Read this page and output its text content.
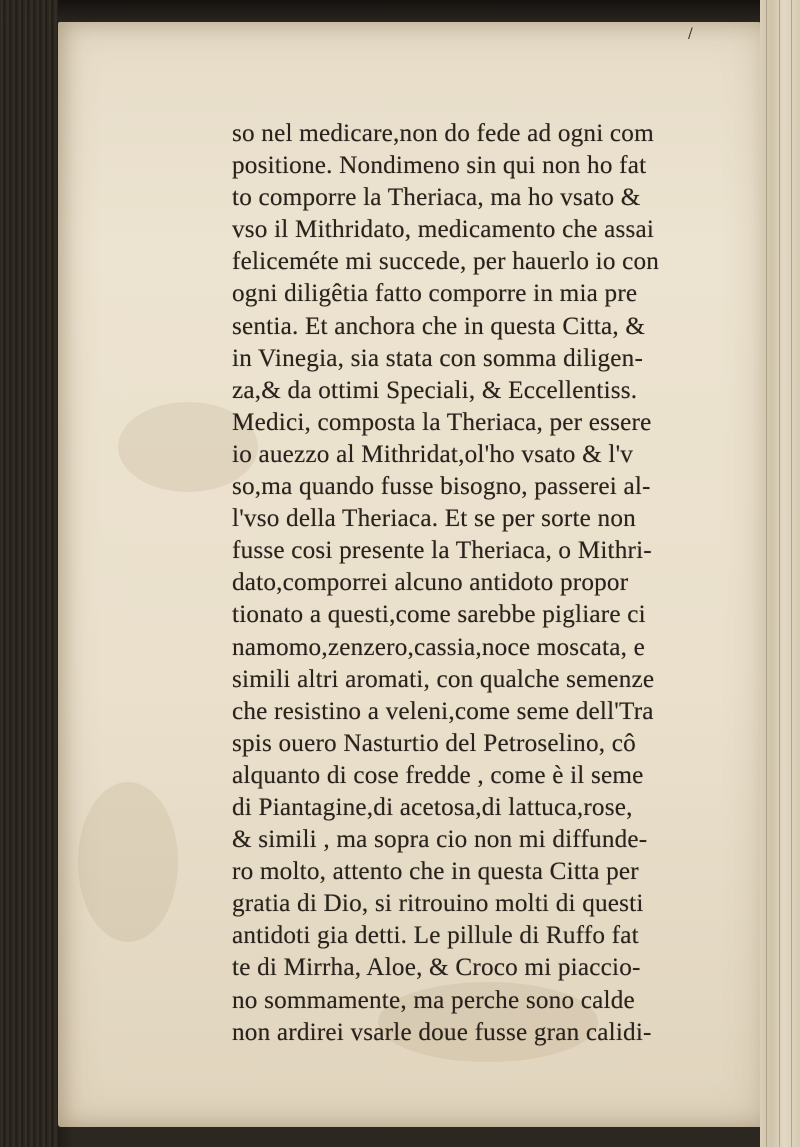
/
so nel medicare,non do fede ad ogni com
positione. Nondimeno sin qui non ho fat
to comporre la Theriaca, ma ho vsato &
vso il Mithridato, medicamento che assai
feliceméte mi succede, per hauerlo io con
ogni diligêtia fatto comporre in mia pre
sentia. Et anchora che in questa Citta, &
in Vinegia, sia stata con somma diligen-
za,& da ottimi Speciali, & Eccellentiss.
Medici, composta la Theriaca, per essere
io auezzo al Mithridat,ol'ho vsato & l'v
so,ma quando fusse bisogno, passerei al-
l'vso della Theriaca. Et se per sorte non
fusse cosi presente la Theriaca, o Mithri-
dato,comporrei alcuno antidoto propor
tionato a questi,come sarebbe pigliare ci
namomo,zenzero,cassia,noce moscata, e
simili altri aromati, con qualche semenze
che resistino a veleni,come seme dell'Tra
spis ouero Nasturtio del Petroselino, cô
alquanto di cose fredde , come è il seme
di Piantagine,di acetosa,di lattuca,rose,
& simili , ma sopra cio non mi diffunde-
ro molto, attento che in questa Citta per
gratia di Dio, si ritrouino molti di questi
antidoti gia detti. Le pillule di Ruffo fat
te di Mirrha, Aloe, & Croco mi piaccio-
no sommamente, ma perche sono calde
non ardirei vsarle doue fusse gran calidi-
